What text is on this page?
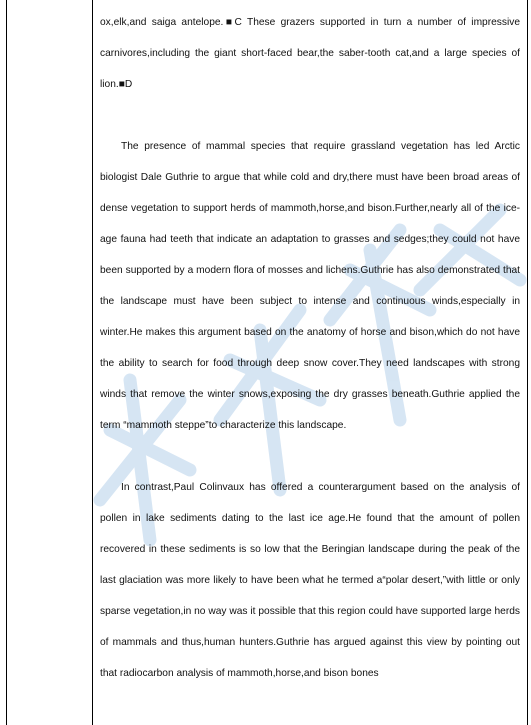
ox,elk,and saiga antelope.■C These grazers supported in turn a number of impressive carnivores,including the giant short-faced bear,the saber-tooth cat,and a large species of lion.■D

The presence of mammal species that require grassland vegetation has led Arctic biologist Dale Guthrie to argue that while cold and dry,there must have been broad areas of dense vegetation to support herds of mammoth,horse,and bison.Further,nearly all of the ice-age fauna had teeth that indicate an adaptation to grasses and sedges;they could not have been supported by a modern flora of mosses and lichens.Guthrie has also demonstrated that the landscape must have been subject to intense and continuous winds,especially in winter.He makes this argument based on the anatomy of horse and bison,which do not have the ability to search for food through deep snow cover.They need landscapes with strong winds that remove the winter snows,exposing the dry grasses beneath.Guthrie applied the term “mammoth steppe”to characterize this landscape.

In contrast,Paul Colinvaux has offered a counterargument based on the analysis of pollen in lake sediments dating to the last ice age.He found that the amount of pollen recovered in these sediments is so low that the Beringian landscape during the peak of the last glaciation was more likely to have been what he termed a“polar desert,”with little or only sparse vegetation,in no way was it possible that this region could have supported large herds of mammals and thus,human hunters.Guthrie has argued against this view by pointing out that radiocarbon analysis of mammoth,horse,and bison bones
